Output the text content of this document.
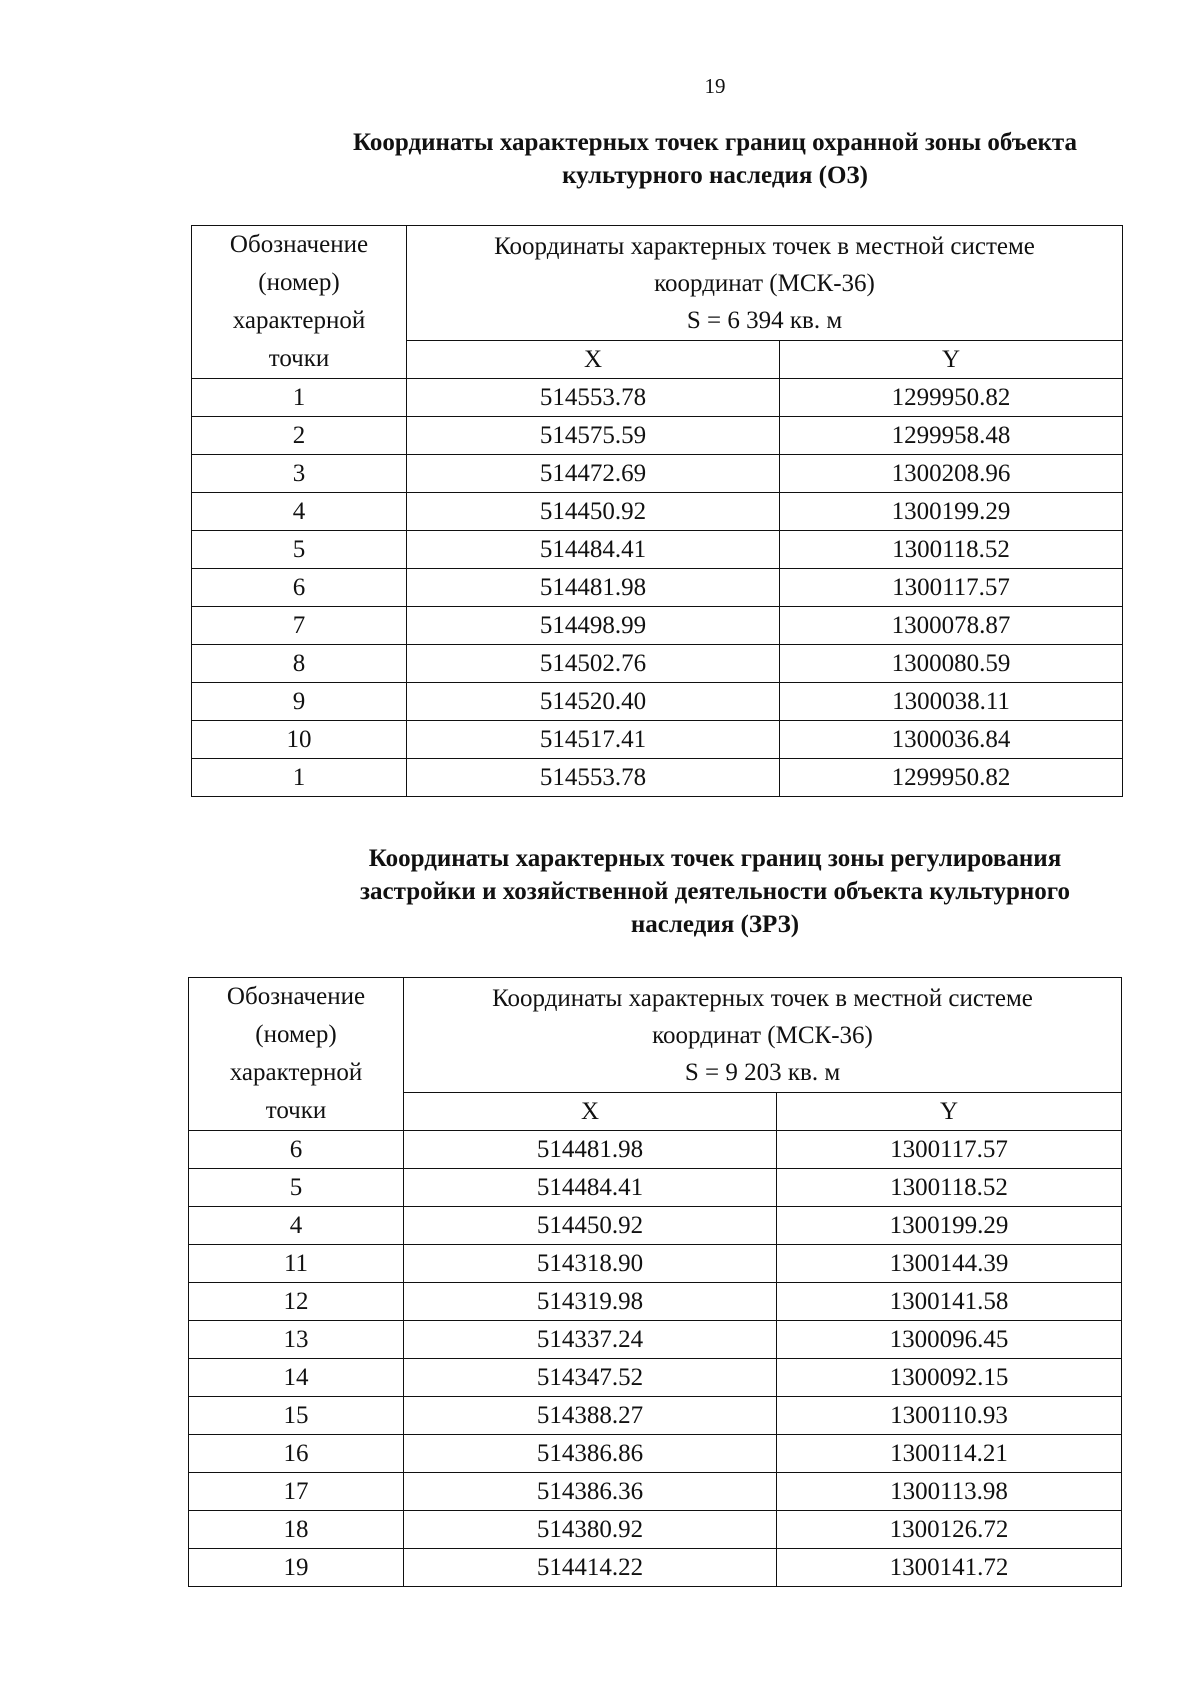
19
Координаты характерных точек границ охранной зоны объекта
культурного наследия (ОЗ)
Обозначение
(номер)
характерной
точки	Координаты характерных точек в местной системе
координат (МСК-36)
S = 6 394 кв. м	

	X	Y
1	514553.78	1299950.82
2	514575.59	1299958.48
3	514472.69	1300208.96
4	514450.92	1300199.29
5	514484.41	1300118.52
6	514481.98	1300117.57
7	514498.99	1300078.87
8	514502.76	1300080.59
9	514520.40	1300038.11
10	514517.41	1300036.84
1	514553.78	1299950.82
Координаты характерных точек границ зоны регулирования
застройки и хозяйственной деятельности объекта культурного
наследия (ЗРЗ)
Обозначение
(номер)
характерной
точки	Координаты характерных точек в местной системе
координат (МСК-36)
S = 9 203 кв. м	

	X	Y
6	514481.98	1300117.57
5	514484.41	1300118.52
4	514450.92	1300199.29
11	514318.90	1300144.39
12	514319.98	1300141.58
13	514337.24	1300096.45
14	514347.52	1300092.15
15	514388.27	1300110.93
16	514386.86	1300114.21
17	514386.36	1300113.98
18	514380.92	1300126.72
19	514414.22	1300141.72
